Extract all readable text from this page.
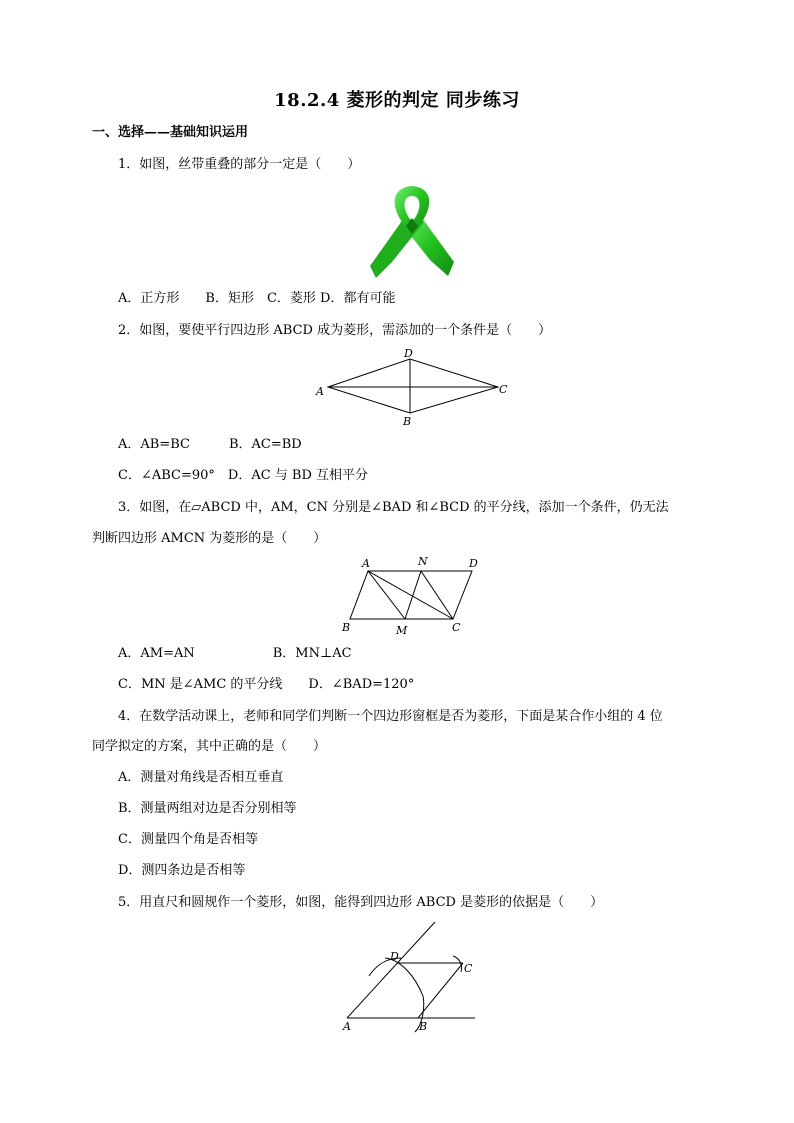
18.2.4 菱形的判定 同步练习
一、选择——基础知识运用
1．如图，丝带重叠的部分一定是（　　）
A．正方形　　B．矩形　C．菱形 D．都有可能
2．如图，要使平行四边形 ABCD 成为菱形，需添加的一个条件是（　　）
D
A	C
B
A．AB=BC　　　B．AC=BD
C．∠ABC=90°　D．AC 与 BD 互相平分
3．如图，在▱ABCD 中，AM，CN 分别是∠BAD 和∠BCD 的平分线，添加一个条件，仍无法
判断四边形 AMCN 为菱形的是（　　）
A	N	D
B	M	C
A．AM=AN　　　　　　B．MN⊥AC
C．MN 是∠AMC 的平分线　　D．∠BAD=120°
4．在数学活动课上，老师和同学们判断一个四边形窗框是否为菱形，下面是某合作小组的 4 位
同学拟定的方案，其中正确的是（　　）
A．测量对角线是否相互垂直
B．测量两组对边是否分别相等
C．测量四个角是否相等
D．测四条边是否相等
5．用直尺和圆规作一个菱形，如图，能得到四边形 ABCD 是菱形的依据是（　　）
D
C
A	B
